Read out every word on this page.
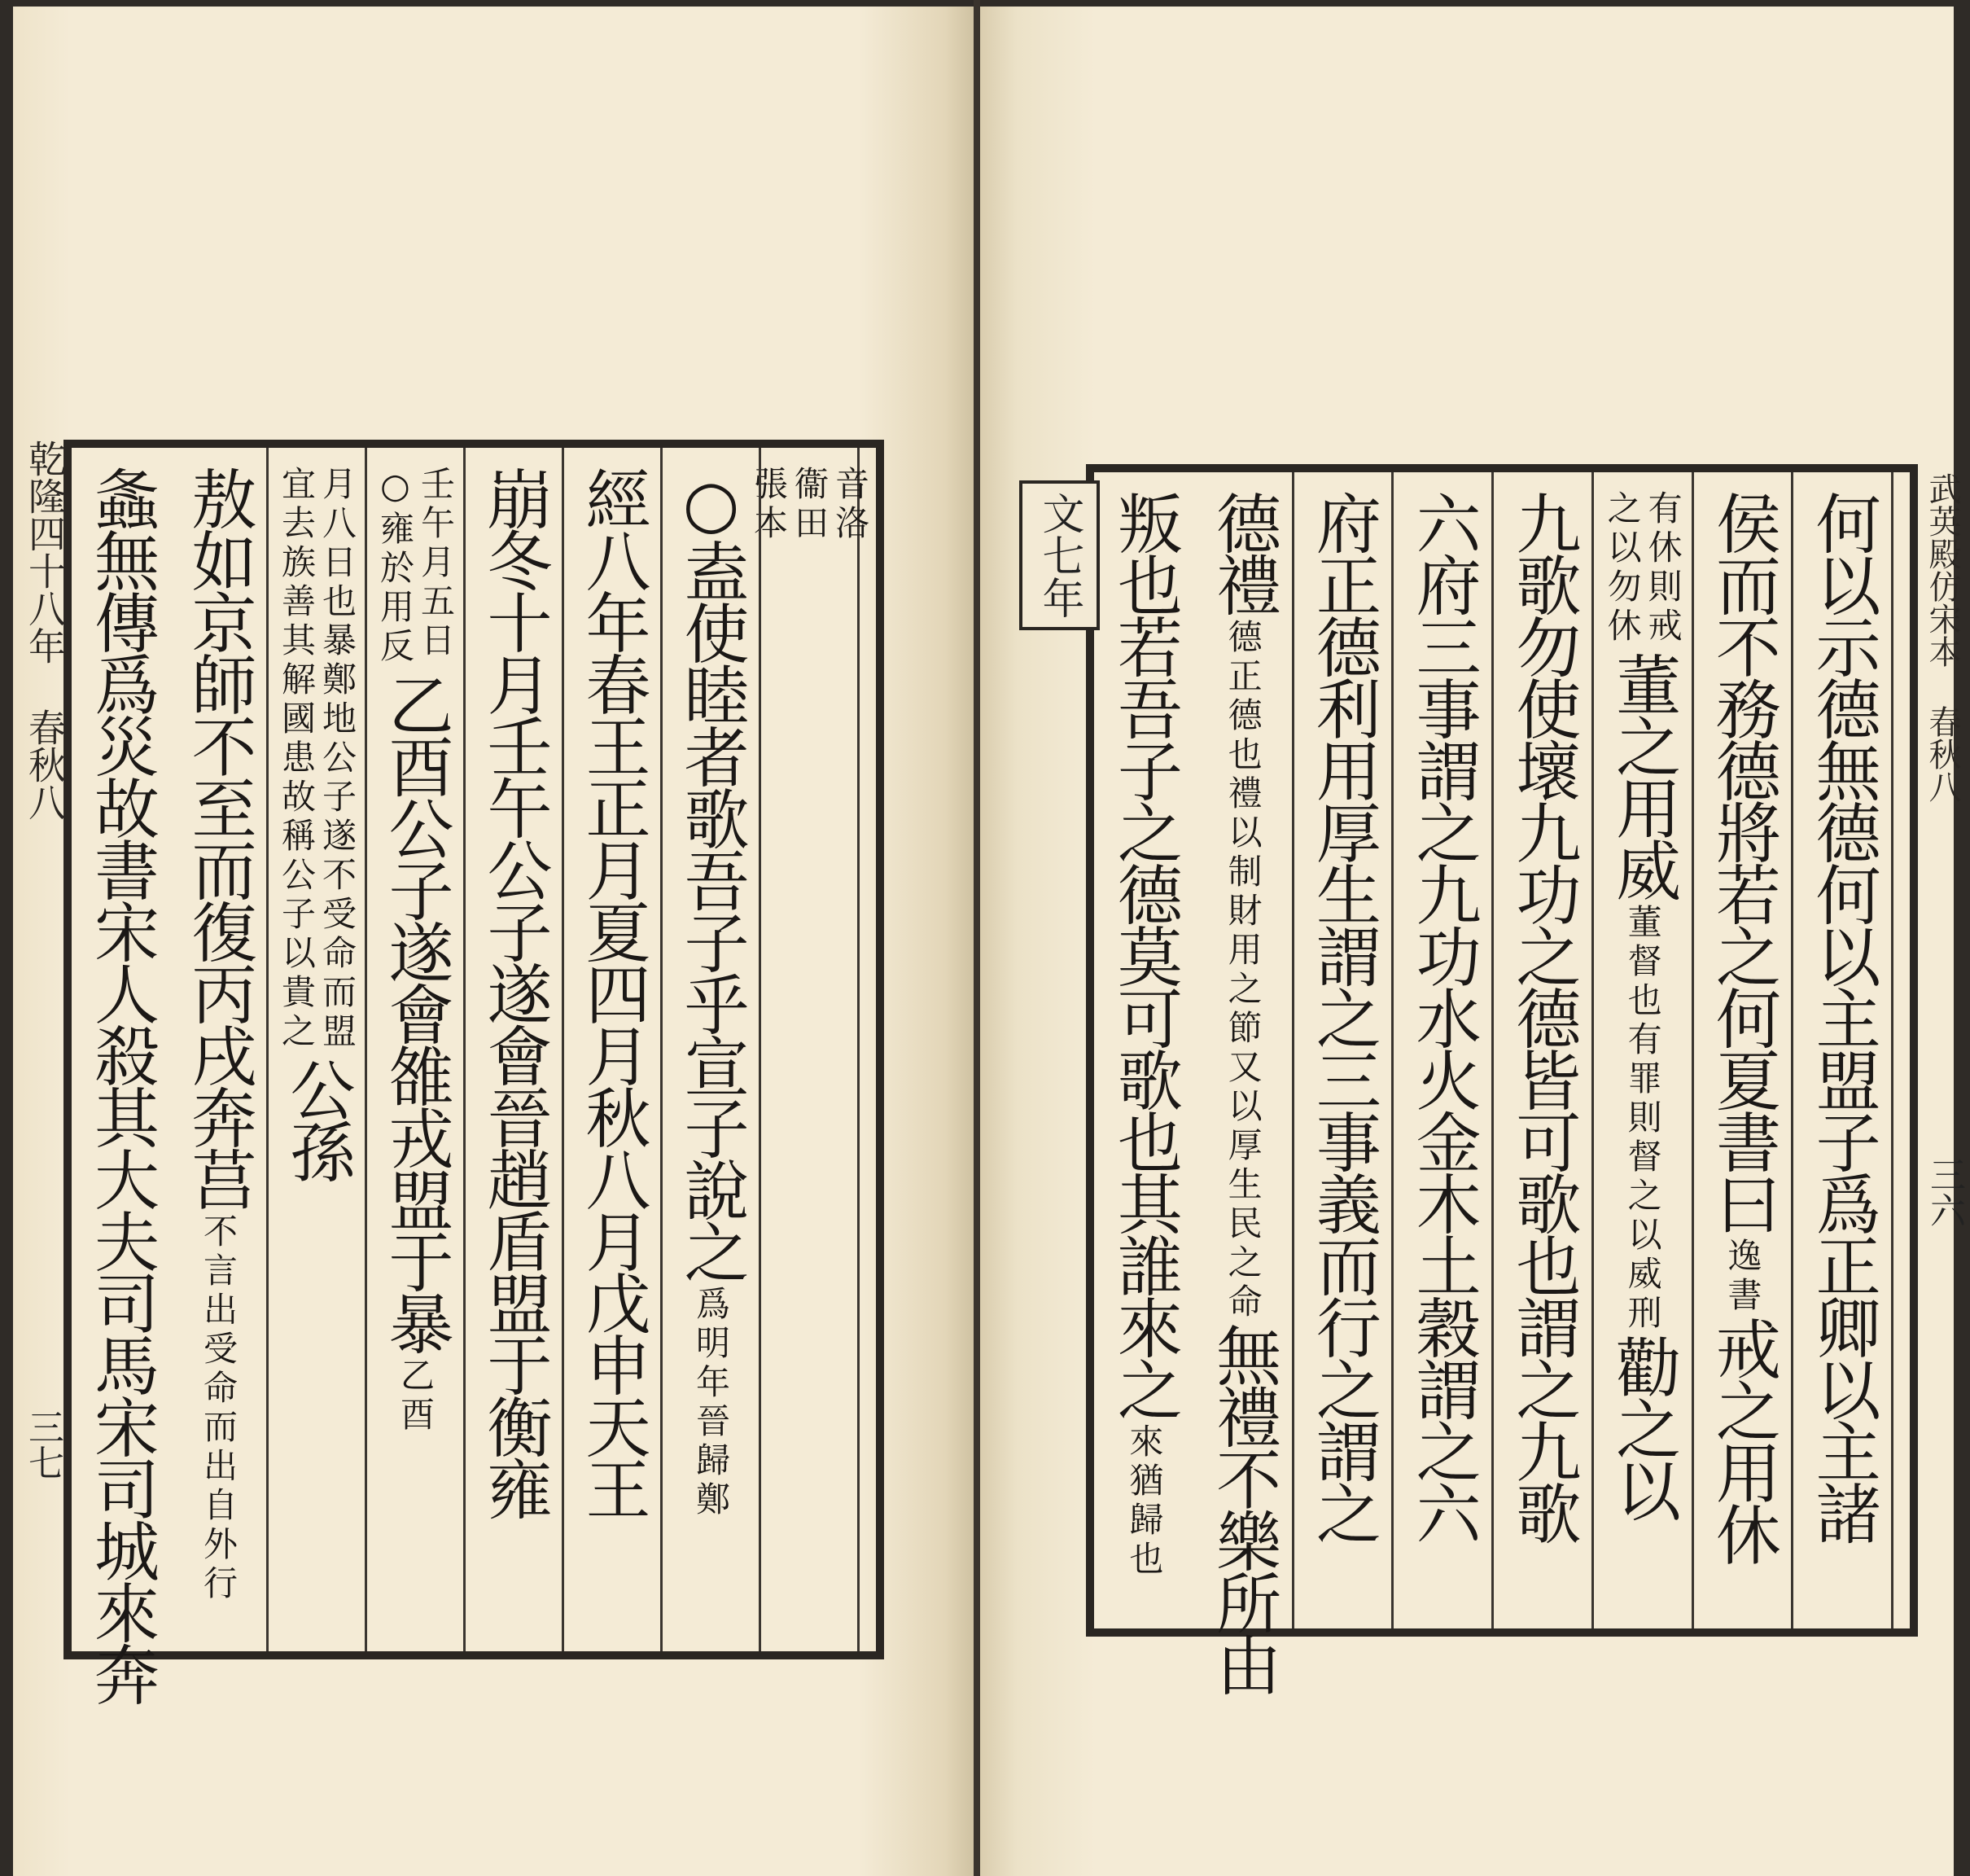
音洛
衞田
張本
○盍使睦者歌吾子乎宣子說之
爲明年晉歸鄭
經八年春王正月夏四月秋八月戊申天王
崩冬十月壬午公子遂會晉趙盾盟于衡雍
壬午月五日
○雍於用反
乙酉公子遂會雒戎盟于暴
乙酉
月八日也暴鄭地公子遂不受命而盟
宜去族善其解國患故稱公子以貴之
公孫
敖如京師不至而復丙戌奔莒
不言出受命而出自外行
螽無傳爲災故書宋人殺其大夫司馬宋司城來奔
乾隆四十八年 春秋八
三七	何以示德無德何以主盟子爲正卿以主諸
侯而不務德將若之何夏書曰
逸書
戒之用休
有休則戒
之以勿休
董之用威
董督也有罪則督之以威刑
勸之以
九歌勿使壞九功之德皆可歌也謂之九歌
六府三事謂之九功水火金木土穀謂之六
府正德利用厚生謂之三事義而行之謂之
德禮
德正德也禮以制財用之節又以厚生民之命
無禮不樂所由
叛也若吾子之德莫可歌也其誰來之
來猶歸也
文七年	武英殿仿宋本 春秋八
三六
